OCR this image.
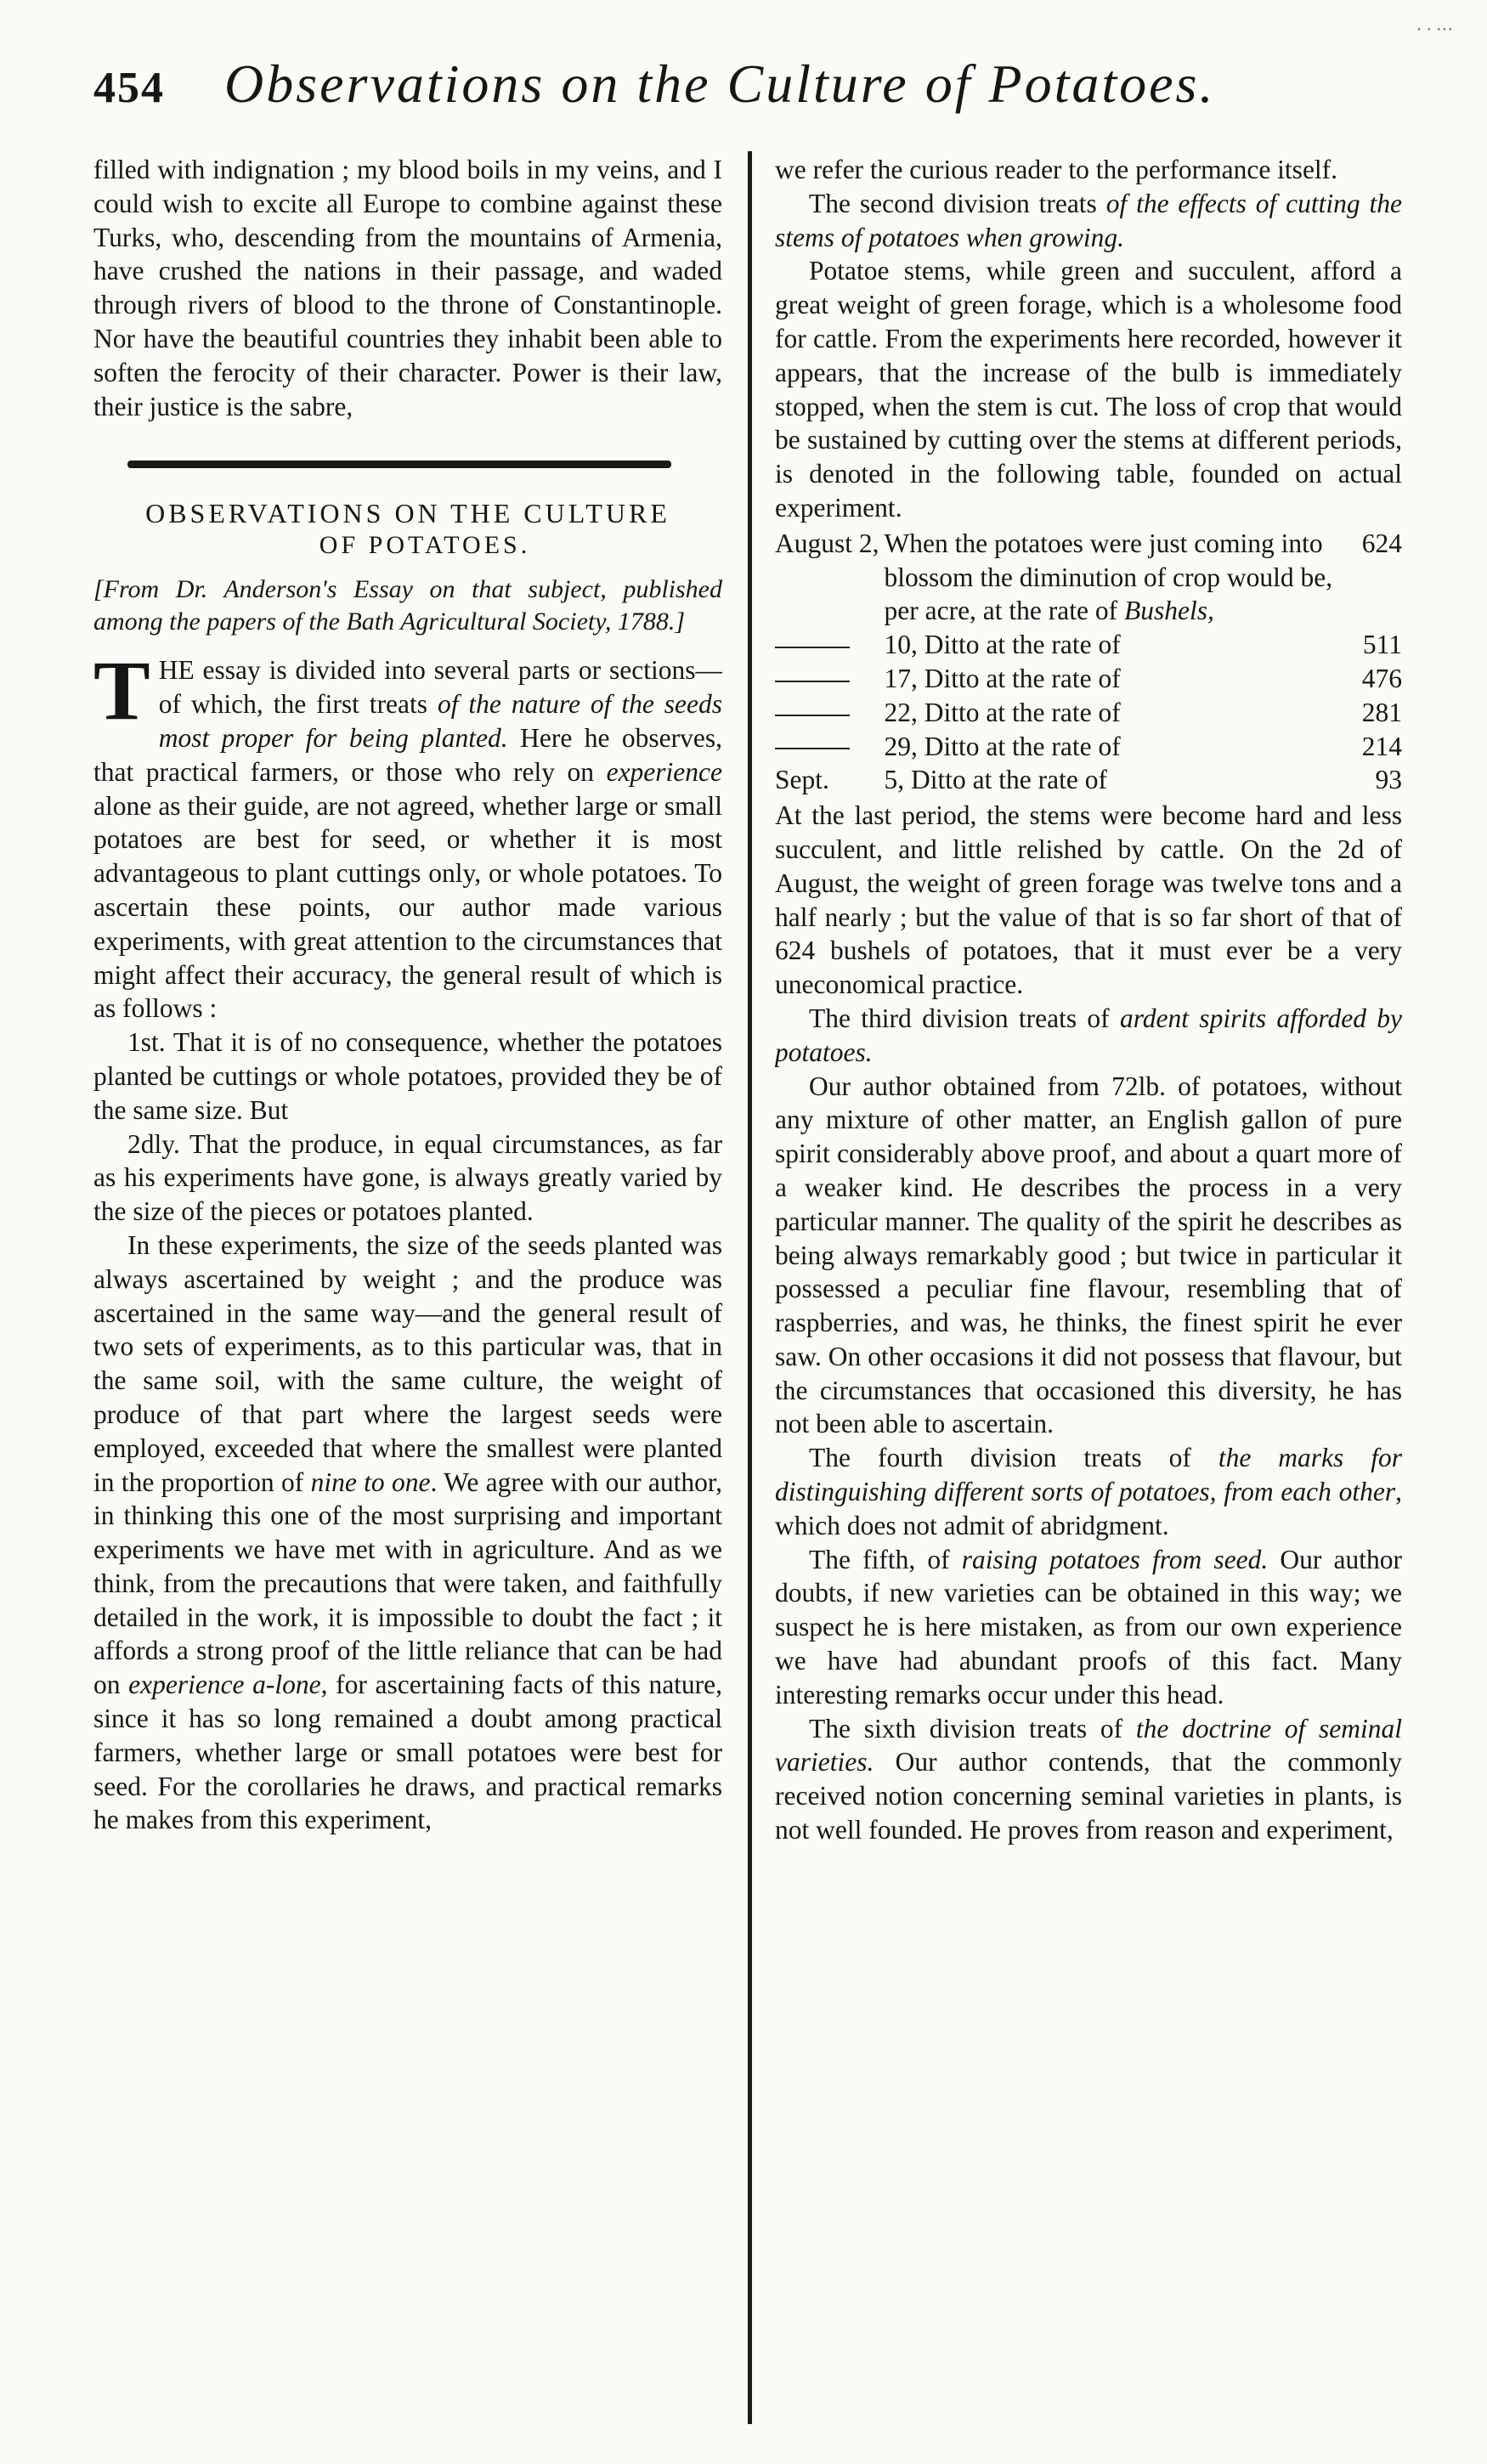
· · ···
454 Observations on the Culture of Potatoes.

filled with indignation ; my blood boils in my veins, and I could wish to excite all Europe to combine against these Turks, who, descending from the mountains of Armenia, have crushed the nations in their passage, and waded through rivers of blood to the throne of Constantinople. Nor have the beautiful countries they inhabit been able to soften the ferocity of their character. Power is their law, their justice is the sabre,

OBSERVATIONS ON THE CULTURE

OF POTATOES.

[From Dr. Anderson's Essay on that subject, published among the papers of the Bath Agricultural Society, 1788.]

THE essay is divided into several parts or sections—of which, the first treats of the nature of the seeds most proper for being planted. Here he observes, that practical farmers, or those who rely on experience alone as their guide, are not agreed, whether large or small potatoes are best for seed, or whether it is most advantageous to plant cuttings only, or whole potatoes. To ascertain these points, our author made various experiments, with great attention to the circumstances that might affect their accuracy, the general result of which is as follows :

1st. That it is of no consequence, whether the potatoes planted be cuttings or whole potatoes, provided they be of the same size. But

2dly. That the produce, in equal circumstances, as far as his experiments have gone, is always greatly varied by the size of the pieces or potatoes planted.

In these experiments, the size of the seeds planted was always ascertained by weight ; and the produce was ascertained in the same way—and the general result of two sets of experiments, as to this particular was, that in the same soil, with the same culture, the weight of produce of that part where the largest seeds were employed, exceeded that where the smallest were planted in the proportion of nine to one. We agree with our author, in thinking this one of the most surprising and important experiments we have met with in agriculture. And as we think, from the precautions that were taken, and faithfully detailed in the work, it is impossible to doubt the fact ; it affords a strong proof of the little reliance that can be had on experience a-lone, for ascertaining facts of this nature, since it has so long remained a doubt among practical farmers, whether large or small potatoes were best for seed. For the corollaries he draws, and practical remarks he makes from this experiment,

we refer the curious reader to the performance itself.

The second division treats of the effects of cutting the stems of potatoes when growing.

Potatoe stems, while green and succulent, afford a great weight of green forage, which is a wholesome food for cattle. From the experiments here recorded, however it appears, that the increase of the bulb is immediately stopped, when the stem is cut. The loss of crop that would be sustained by cutting over the stems at different periods, is denoted in the following table, founded on actual experiment.

August 2,	When the potatoes were just coming into blossom the diminution of crop would be, per acre, at the rate of Bushels,	624
	10, Ditto at the rate of	511
	17, Ditto at the rate of	476
	22, Ditto at the rate of	281
	29, Ditto at the rate of	214
Sept.	5, Ditto at the rate of	93

At the last period, the stems were become hard and less succulent, and little relished by cattle. On the 2d of August, the weight of green forage was twelve tons and a half nearly ; but the value of that is so far short of that of 624 bushels of potatoes, that it must ever be a very uneconomical practice.

The third division treats of ardent spirits afforded by potatoes.

Our author obtained from 72lb. of potatoes, without any mixture of other matter, an English gallon of pure spirit considerably above proof, and about a quart more of a weaker kind. He describes the process in a very particular manner. The quality of the spirit he describes as being always remarkably good ; but twice in particular it possessed a peculiar fine flavour, resembling that of raspberries, and was, he thinks, the finest spirit he ever saw. On other occasions it did not possess that flavour, but the circumstances that occasioned this diversity, he has not been able to ascertain.

The fourth division treats of the marks for distinguishing different sorts of potatoes, from each other, which does not admit of abridgment.

The fifth, of raising potatoes from seed. Our author doubts, if new varieties can be obtained in this way; we suspect he is here mistaken, as from our own experience we have had abundant proofs of this fact. Many interesting remarks occur under this head.

The sixth division treats of the doctrine of seminal varieties. Our author contends, that the commonly received notion concerning seminal varieties in plants, is not well founded. He proves from reason and experiment,
